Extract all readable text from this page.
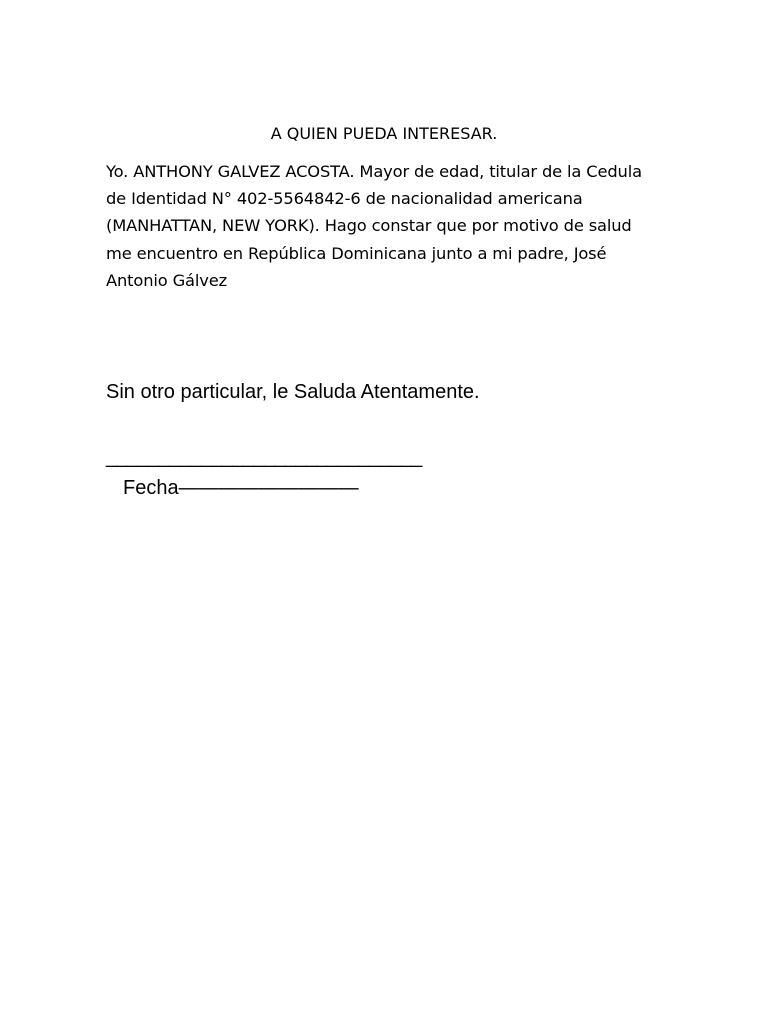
A QUIEN PUEDA INTERESAR.

Yo. ANTHONY GALVEZ ACOSTA. Mayor de edad, titular de la Cedula
de Identidad N° 402-5564842-6 de nacionalidad americana
(MANHATTAN, NEW YORK). Hago constar que por motivo de salud
me encuentro en República Dominicana junto a mi padre, José
Antonio Gálvez

Sin otro particular, le Saluda Atentamente.

______________________________

Fecha—————————
